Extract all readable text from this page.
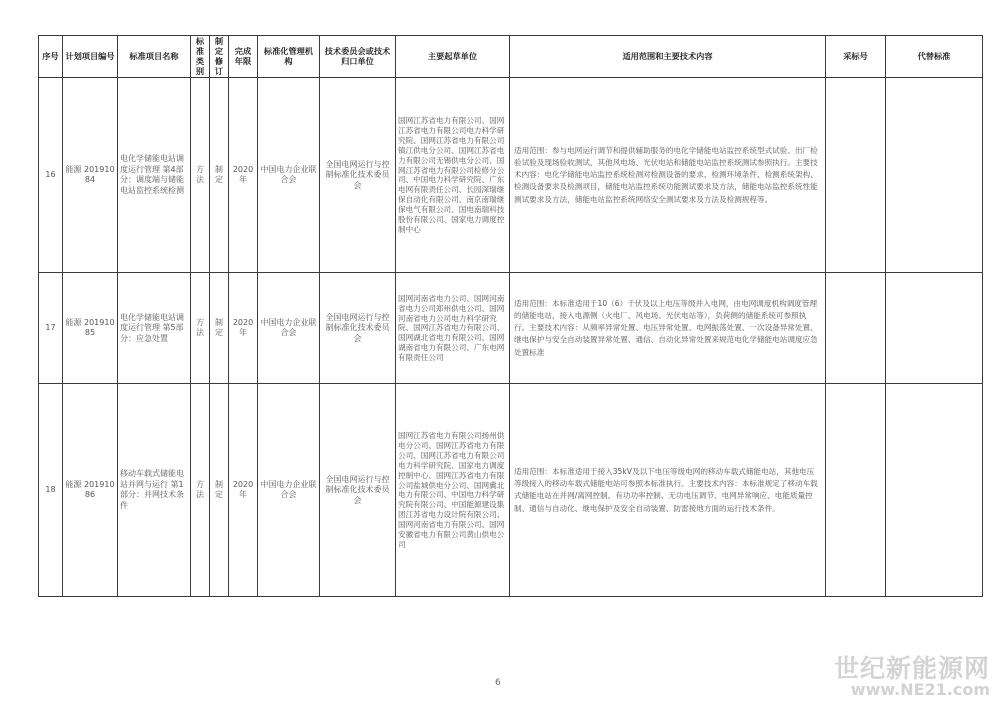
序号	计划项目编号	标准项目名称	标准类别	制定修订	完成年限	标准化管理机构	技术委员会或技术归口单位	主要起草单位	适用范围和主要技术内容	采标号	代替标准
16	能源 20191084	电化学储能电站调度运行管理 第4部分：调度端与储能电站监控系统检测	方法	制定	2020年	中国电力企业联合会	全国电网运行与控制标准化技术委员会	国网江苏省电力有限公司、国网江苏省电力有限公司电力科学研究院、国网江苏省电力有限公司镇江供电分公司、国网江苏省电力有限公司无锡供电分公司、国网江苏省电力有限公司检修分公司、中国电力科学研究院、广东电网有限责任公司、长园深瑞继保自动化有限公司、南京南瑞继保电气有限公司、国电南瑞科技股份有限公司、国家电力调度控制中心	适用范围：参与电网运行调节和提供辅助服务的电化学储能电站监控系统型式试验、出厂检验试验及现场验收测试，其他风电场、光伏电站和储能电站监控系统测试参照执行。主要技术内容：电化学储能电站监控系统检测对检测设备的要求、检测环境条件、检测系统架构、检测设备要求及检测项目，储能电站监控系统功能测试要求及方法，储能电站监控系统性能测试要求及方法，储能电站监控系统网络安全测试要求及方法及检测规程等。		
17	能源 20191085	电化学储能电站调度运行管理 第5部分：应急处置	方法	制定	2020年	中国电力企业联合会	全国电网运行与控制标准化技术委员会	国网河南省电力公司、国网河南省电力公司郑州供电公司、国网河南省电力公司电力科学研究院、国网江苏省电力有限公司、国网湖北省电力有限公司、国网湖南省电力有限公司、广东电网有限责任公司	适用范围：本标准适用于10（6）千伏及以上电压等级并入电网，由电网调度机构调度管理的储能电站，接入电源侧（火电厂、风电场、光伏电站等），负荷侧的储能系统可参照执行。主要技术内容：从频率异常处置、电压异常处置、电网振荡处置、一次设备异常处置、继电保护与安全自动装置异常处置、通信、自动化异常处置来规范电化学储能电站调度应急处置标准		
18	能源 20191086	移动车载式储能电站并网与运行 第1部分：并网技术条件	方法	制定	2020年	中国电力企业联合会	全国电网运行与控制标准化技术委员会	国网江苏省电力有限公司扬州供电分公司、国网江苏省电力有限公司、国网江苏省电力有限公司电力科学研究院、国家电力调度控制中心、国网江苏省电力有限公司盐城供电分公司、国网冀北电力有限公司、中国电力科学研究院有限公司、中国能源建设集团江苏省电力设计院有限公司、国网河南省电力有限公司、国网安徽省电力有限公司黄山供电公司	适用范围：本标准适用于接入35kV及以下电压等级电网的移动车载式储能电站，其他电压等级接入的移动车载式储能电站可参照本标准执行。主要技术内容：本标准规定了移动车载式储能电站在并网/离网控制、有功功率控制、无功电压调节、电网异常响应、电能质量控制、通信与自动化、继电保护及安全自动装置、防雷接地方面的运行技术条件。		
6	世纪新能源网
www.NE21.com
